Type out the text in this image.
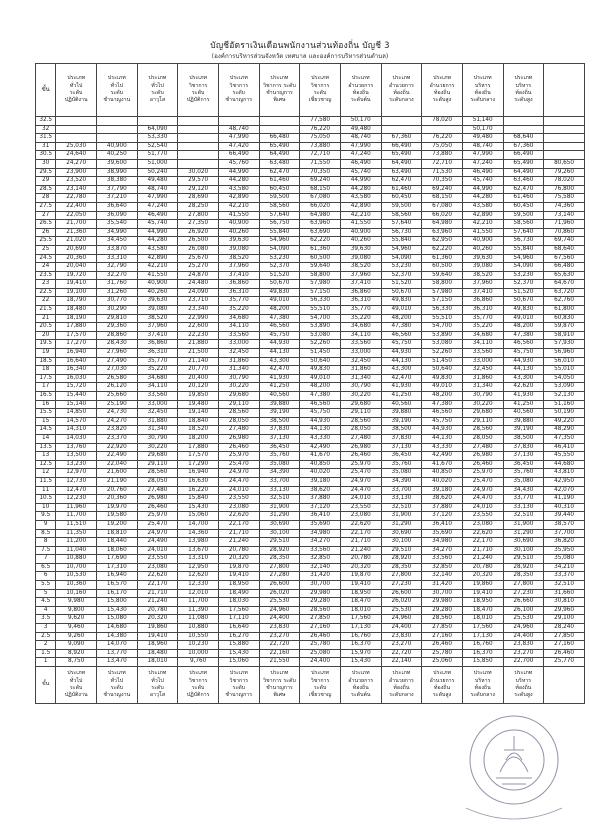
บัญชีอัตราเงินเดือนพนักงานส่วนท้องถิ่น บัญชี 3
(องค์การบริหารส่วนจังหวัด เทศบาล และองค์การบริหารส่วนตำบล)
ขั้น	ประเภท
ทั่วไป
ระดับ
ปฏิบัติงาน	ประเภท
ทั่วไป
ระดับ
ชำนาญงาน	ประเภท
ทั่วไป
ระดับ
อาวุโส	ประเภท
วิชาการ
ระดับ
ปฏิบัติการ	ประเภท
วิชาการ
ระดับ
ชำนาญการ	ประเภท
วิชาการ ระดับ
ชำนาญการ
พิเศษ	ประเภท
วิชาการ
ระดับ
เชี่ยวชาญ	ประเภท
อำนวยการ
ท้องถิ่น
ระดับต้น	ประเภท
อำนวยการ
ท้องถิ่น
ระดับกลาง	ประเภท
อำนวยการ
ท้องถิ่น
ระดับสูง	ประเภท
บริหาร
ท้องถิ่น
ระดับกลาง	ประเภท
บริหาร
ท้องถิ่น
ระดับสูง	

32.5							77,580	50,170		78,020	51,140		
32			64,090		48,740		76,220	49,480			50,170		
31.5			53,330		47,990	66,480	75,050	48,740	67,360	76,220	49,480	68,640	
31	25,030	40,900	52,540		47,420	65,490	73,880	47,990	66,490	75,050	48,740	67,360	
30.5	24,640	40,250	51,770		66,490	64,490	72,710	47,240	65,490	73,880	47,990	66,490	
30	24,270	39,600	51,000		45,760	63,480	71,550	46,490	64,490	72,710	47,240	65,490	80,650
29.5	23,900	38,990	50,240	30,020	44,990	62,470	70,350	45,740	63,490	71,530	46,490	64,490	79,260
29	23,520	38,380	49,480	29,570	44,280	61,460	69,240	44,990	62,470	70,350	45,740	63,460	78,020
28.5	23,140	37,790	48,740	29,120	43,580	60,450	68,150	44,280	61,460	69,240	44,990	62,470	76,800
28	22,780	37,210	47,990	28,690	42,890	59,500	67,080	43,580	60,450	68,150	44,280	61,460	75,580
27.5	22,400	36,640	47,240	28,250	42,210	58,560	66,020	42,890	59,500	67,080	43,580	60,450	74,360
27	22,050	36,090	46,490	27,800	41,550	57,640	64,980	42,210	58,560	66,020	42,890	59,500	73,140
26.5	21,700	35,540	45,740	27,350	40,900	56,750	63,960	41,550	57,640	64,980	42,210	58,560	71,960
26	21,360	34,990	44,990	26,920	40,260	55,840	63,690	40,900	56,730	63,960	41,550	57,640	70,860
25.5	21,020	34,450	44,280	26,500	39,630	54,960	62,220	40,260	55,840	62,950	40,900	56,730	69,740
25	20,690	33,870	43,580	26,080	39,080	54,090	61,360	39,630	54,960	62,220	40,260	55,840	68,640
24.5	20,360	33,310	42,890	25,670	38,520	53,230	60,500	39,080	54,090	61,360	39,630	54,960	67,560
24	20,040	32,790	42,210	25,270	37,960	52,370	59,640	38,520	53,230	60,500	39,080	54,090	66,480
23.5	19,720	32,270	41,550	24,870	37,410	51,520	58,800	37,960	52,370	59,640	38,520	53,230	65,630
23	19,410	31,760	40,900	24,480	36,860	50,670	57,980	37,410	51,520	58,800	37,960	52,370	64,670
22.5	19,100	31,260	40,260	24,090	36,310	49,830	57,150	36,860	50,670	57,980	37,410	51,520	63,720
22	18,790	30,770	39,630	23,710	35,770	49,010	56,330	36,310	49,830	57,150	36,860	50,670	62,760
21.5	18,480	30,290	39,080	23,340	35,220	48,200	55,510	35,770	49,010	56,330	36,310	49,830	61,800
21	18,190	29,810	38,520	22,990	34,680	47,380	54,700	35,220	48,200	55,510	35,770	49,010	60,830
20.5	17,880	29,360	37,960	22,600	34,110	46,560	53,890	34,680	47,380	54,700	35,220	48,200	59,870
20	17,570	28,860	37,410	22,230	33,560	45,750	53,080	34,110	46,560	53,890	34,680	47,380	58,910
19.5	17,270	28,430	36,860	21,880	33,000	44,930	52,260	33,560	45,750	53,080	34,110	46,560	57,930
19	16,940	27,960	36,310	21,500	32,450	44,130	51,450	33,000	44,930	52,260	33,560	45,750	56,960
18.5	16,640	27,490	35,770	21,140	31,860	43,300	50,640	32,450	44,130	51,450	33,000	44,930	56,010
18	16,340	27,030	35,220	20,770	31,340	42,470	49,830	31,860	43,300	50,640	32,450	44,130	55,010
17.5	16,030	26,580	34,680	20,400	30,790	41,930	49,010	31,340	42,470	49,830	31,860	43,300	54,050
17	15,720	26,120	34,110	20,120	30,220	41,250	48,200	30,790	41,930	49,010	31,340	42,620	53,090
16.5	15,440	25,660	33,560	19,850	29,680	40,560	47,380	30,220	41,250	48,200	30,790	41,930	52,130
16	15,140	25,190	33,000	19,480	29,110	39,880	46,560	29,680	40,560	47,380	30,220	41,250	51,160
15.5	14,850	24,730	32,450	19,140	28,560	39,190	45,750	29,110	39,880	46,560	29,680	40,560	50,190
15	14,570	24,270	31,880	18,840	28,050	38,500	44,930	28,560	39,190	45,750	29,110	39,880	49,220
14.5	14,310	23,820	31,340	18,520	27,480	37,830	44,130	28,050	38,500	44,930	28,560	39,190	48,290
14	14,030	23,370	30,790	18,200	26,980	37,130	43,330	27,480	37,830	44,130	28,050	38,500	47,350
13.5	13,760	22,920	30,220	17,880	26,460	36,450	42,490	26,980	37,130	43,330	27,480	37,830	46,410
13	13,500	22,490	29,680	17,570	25,970	35,760	41,670	26,460	36,450	42,490	26,980	37,130	45,550
12.5	13,230	22,040	29,110	17,290	25,470	35,080	40,850	25,970	35,760	41,670	26,460	36,450	44,680
12	12,970	21,600	28,560	16,940	24,970	34,390	40,020	25,470	35,080	40,850	25,970	35,760	43,810
11.5	12,730	21,190	28,050	16,630	24,470	33,700	39,180	24,970	34,390	40,020	25,470	35,080	42,950
11	12,470	20,760	27,480	16,220	24,010	33,130	38,620	24,470	33,700	39,180	24,970	34,430	42,070
10.5	12,230	20,360	26,980	15,840	23,550	32,510	37,880	24,010	33,130	38,620	24,470	33,770	41,190
10	11,960	19,970	26,460	15,430	23,080	31,900	37,120	23,550	32,510	37,880	24,010	33,130	40,310
9.5	11,700	19,580	25,970	15,060	22,620	31,290	36,410	23,080	31,900	37,120	23,550	32,510	39,440
9	11,510	19,200	25,470	14,700	22,170	30,690	35,690	22,620	31,290	36,410	23,080	31,900	38,570
8.5	11,350	18,810	24,970	14,360	21,710	30,100	34,980	22,170	30,690	35,690	22,620	31,290	37,700
8	11,200	18,440	24,490	13,980	21,240	29,510	34,270	21,710	30,100	34,980	22,170	30,690	36,820
7.5	11,040	18,060	24,010	13,670	20,780	28,920	33,560	21,240	29,510	34,270	21,710	30,100	35,950
7	10,880	17,690	23,550	13,310	20,320	28,350	32,850	20,780	28,920	33,560	21,240	29,510	35,080
6.5	10,700	17,310	23,080	12,950	19,870	27,800	32,140	20,320	28,350	32,850	20,780	28,920	34,210
6	10,530	16,940	22,620	12,620	19,410	27,280	31,420	19,870	27,800	32,140	20,320	28,350	33,370
5.5	10,360	16,570	22,170	12,330	18,950	26,600	30,700	19,410	27,230	31,420	19,860	27,800	32,510
5	10,160	16,170	21,710	12,010	18,490	26,020	29,980	18,950	26,600	30,700	19,410	27,230	31,660
4.5	9,980	15,800	21,240	11,700	18,030	25,530	29,280	18,470	26,020	29,980	18,950	26,660	30,810
4	9,800	15,430	20,780	11,390	17,560	24,960	28,560	18,010	25,530	29,280	18,470	26,100	29,960
3.5	9,620	15,080	20,320	11,080	17,110	24,400	27,850	17,560	24,960	28,560	18,010	25,530	29,100
3	9,460	14,680	19,860	10,880	16,640	23,830	27,160	17,130	24,400	27,850	17,560	24,960	28,240
2.5	9,260	14,380	19,410	10,550	16,270	23,270	26,460	16,760	23,830	27,160	17,130	24,400	27,850
2	9,090	14,070	18,960	10,230	15,880	22,720	25,780	16,370	23,270	26,460	16,760	23,830	27,160
1.5	8,920	13,770	18,480	10,000	15,430	22,160	25,080	15,970	22,720	25,780	16,370	23,270	26,460
1	8,750	13,470	18,010	9,760	15,060	21,550	24,400	15,430	22,140	25,060	15,850	22,700	25,770
ขั้น	ประเภท
ทั่วไป
ระดับ
ปฏิบัติงาน	ประเภท
ทั่วไป
ระดับ
ชำนาญงาน	ประเภท
ทั่วไป
ระดับ
อาวุโส	ประเภท
วิชาการ
ระดับ
ปฏิบัติการ	ประเภท
วิชาการ
ระดับ
ชำนาญการ	ประเภท
วิชาการ ระดับ
ชำนาญการ
พิเศษ	ประเภท
วิชาการ
ระดับ
เชี่ยวชาญ	ประเภท
อำนวยการ
ท้องถิ่น
ระดับต้น	ประเภท
อำนวยการ
ท้องถิ่น
ระดับกลาง	ประเภท
อำนวยการ
ท้องถิ่น
ระดับสูง	ประเภท
บริหาร
ท้องถิ่น
ระดับกลาง	ประเภท
บริหาร
ท้องถิ่น
ระดับสูง	
